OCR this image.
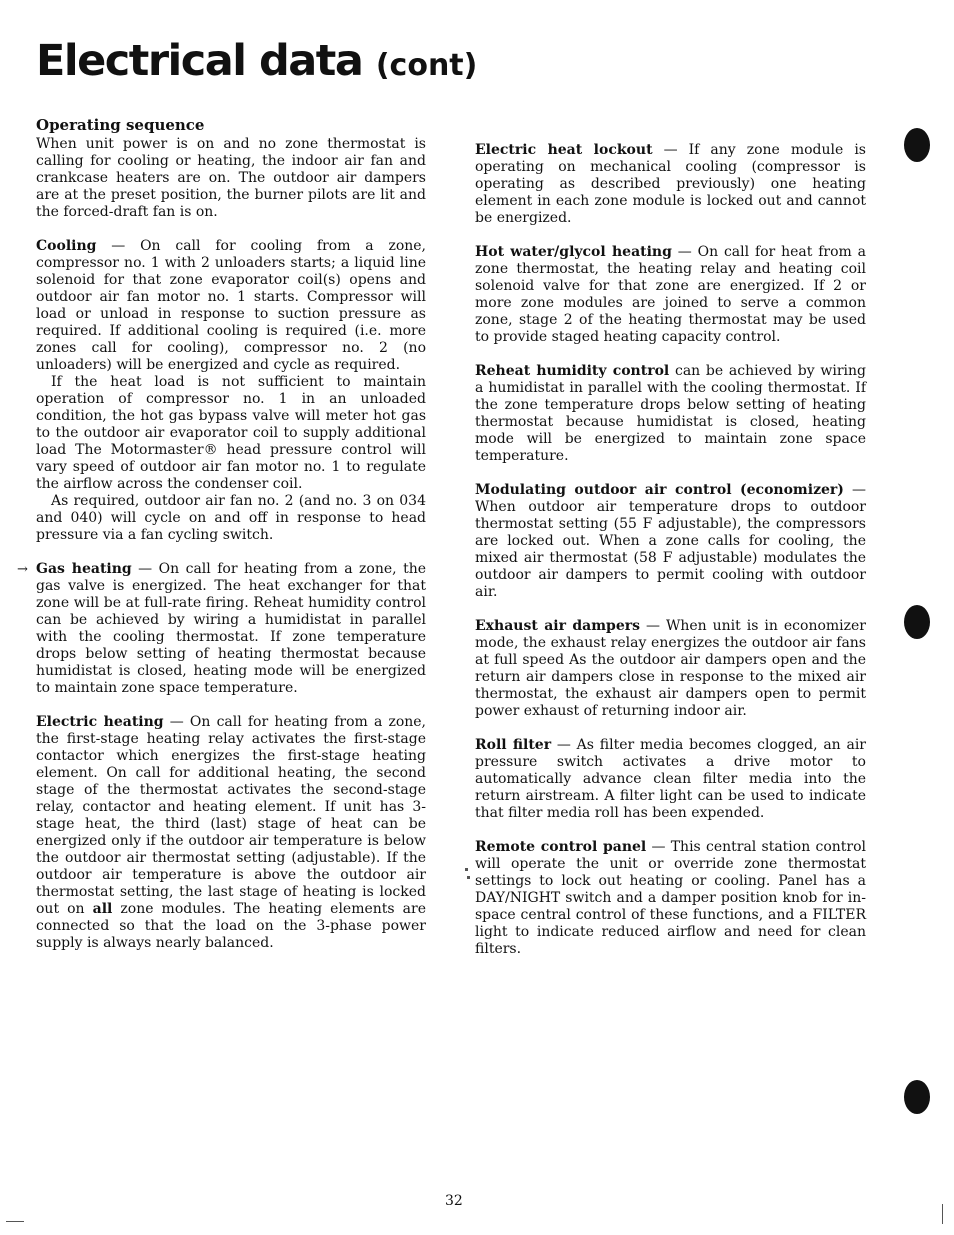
Electrical data (cont)
Operating sequence

When unit power is on and no zone thermostat is calling for cooling or heating, the indoor air fan and crankcase heaters are on. The outdoor air dampers are at the preset position, the burner pilots are lit and the forced-draft fan is on.

Cooling — On call for cooling from a zone, compressor no. 1 with 2 unloaders starts; a liquid line solenoid for that zone evaporator coil(s) opens and outdoor air fan motor no. 1 starts. Compressor will load or unload in response to suction pressure as required. If additional cooling is required (i.e. more zones call for cooling), compressor no. 2 (no unloaders) will be energized and cycle as required.

If the heat load is not sufficient to maintain operation of compressor no. 1 in an unloaded condition, the hot gas bypass valve will meter hot gas to the outdoor air evaporator coil to supply additional load The Motormaster® head pressure control will vary speed of outdoor air fan motor no. 1 to regulate the airflow across the condenser coil.

As required, outdoor air fan no. 2 (and no. 3 on 034 and 040) will cycle on and off in response to head pressure via a fan cycling switch.

→ Gas heating — On call for heating from a zone, the gas valve is energized. The heat exchanger for that zone will be at full-rate firing. Reheat humidity control can be achieved by wiring a humidistat in parallel with the cooling thermostat. If zone temperature drops below setting of heating thermostat because humidistat is closed, heating mode will be energized to maintain zone space temperature.

Electric heating — On call for heating from a zone, the first-stage heating relay activates the first-stage contactor which energizes the first-stage heating element. On call for additional heating, the second stage of the thermostat activates the second-stage relay, contactor and heating element. If unit has 3-stage heat, the third (last) stage of heat can be energized only if the outdoor air temperature is below the outdoor air thermostat setting (adjustable). If the outdoor air temperature is above the outdoor air thermostat setting, the last stage of heating is locked out on all zone modules. The heating elements are connected so that the load on the 3-phase power supply is always nearly balanced.

Electric heat lockout — If any zone module is operating on mechanical cooling (compressor is operating as described previously) one heating element in each zone module is locked out and cannot be energized.

Hot water/glycol heating — On call for heat from a zone thermostat, the heating relay and heating coil solenoid valve for that zone are energized. If 2 or more zone modules are joined to serve a common zone, stage 2 of the heating thermostat may be used to provide staged heating capacity control.

Reheat humidity control can be achieved by wiring a humidistat in parallel with the cooling thermostat. If the zone temperature drops below setting of heating thermostat because humidistat is closed, heating mode will be energized to maintain zone space temperature.

Modulating outdoor air control (economizer) — When outdoor air temperature drops to outdoor thermostat setting (55 F adjustable), the compressors are locked out. When a zone calls for cooling, the mixed air thermostat (58 F adjustable) modulates the outdoor air dampers to permit cooling with outdoor air.

Exhaust air dampers — When unit is in economizer mode, the exhaust relay energizes the outdoor air fans at full speed As the outdoor air dampers open and the return air dampers close in response to the mixed air thermostat, the exhaust air dampers open to permit power exhaust of returning indoor air.

Roll filter — As filter media becomes clogged, an air pressure switch activates a drive motor to automatically advance clean filter media into the return airstream. A filter light can be used to indicate that filter media roll has been expended.

Remote control panel — This central station control will operate the unit or override zone thermostat settings to lock out heating or cooling. Panel has a DAY/NIGHT switch and a damper position knob for in-space central control of these functions, and a FILTER light to indicate reduced airflow and need for clean filters.

32
